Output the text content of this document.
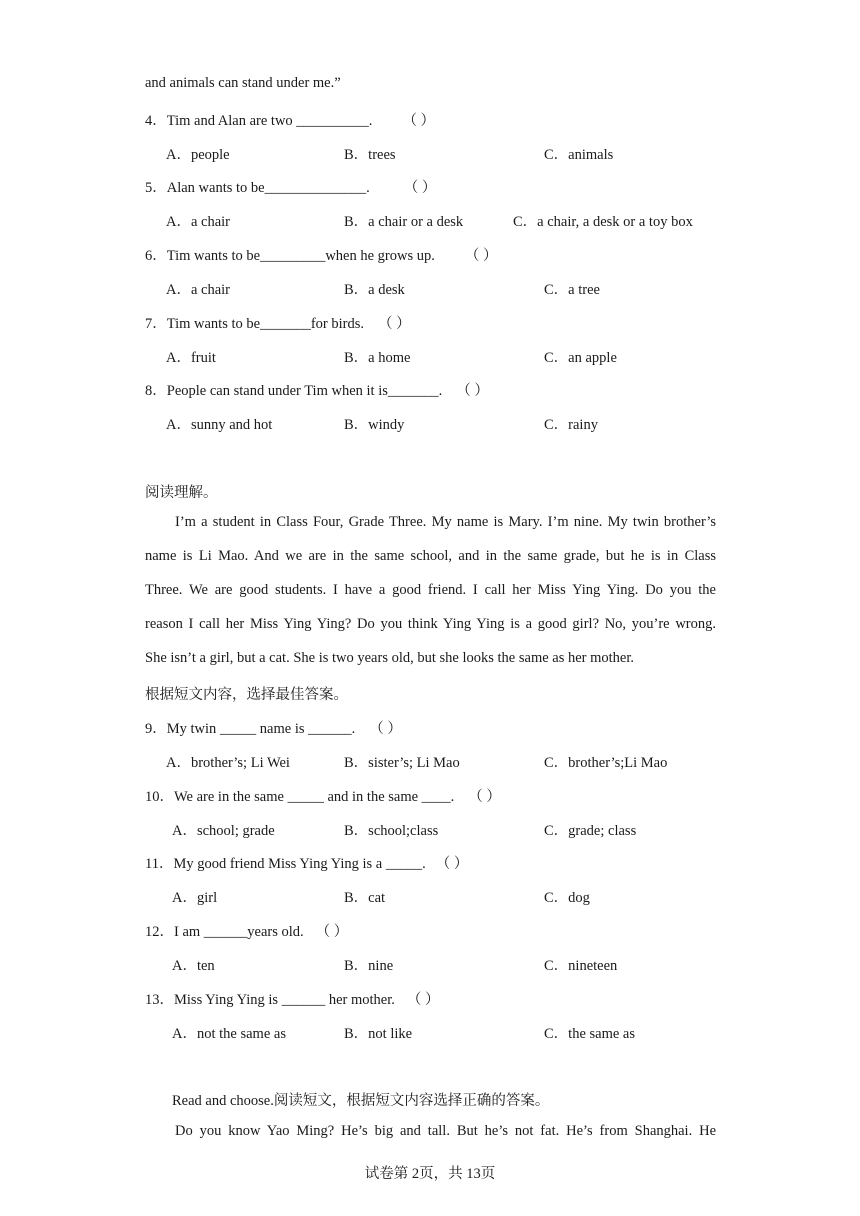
and animals can stand under me.”
4．Tim and Alan are two __________. （ ）
A．people	B．trees	C．animals
5．Alan wants to be______________. （ ）
A．a chair	B．a chair or a desk	C．a chair, a desk or a toy box
6．Tim wants to be_________when he grows up. （ ）
A．a chair	B．a desk	C．a tree
7．Tim wants to be_______for birds. （ ）
A．fruit	B．a home	C．an apple
8．People can stand under Tim when it is_______. （ ）
A．sunny and hot	B．windy	C．rainy
阅读理解。
I’m a student in Class Four, Grade Three. My name is Mary. I’m nine. My twin brother’s
name is Li Mao. And we are in the same school, and in the same grade, but he is in Class
Three. We are good students. I have a good friend. I call her Miss Ying Ying. Do you the
reason I call her Miss Ying Ying? Do you think Ying Ying is a good girl? No, you’re wrong.
She isn’t a girl, but a cat. She is two years old, but she looks the same as her mother.
根据短文内容，选择最佳答案。
9．My twin _____ name is ______. （ ）
A．brother’s; Li Wei	B．sister’s; Li Mao	C．brother’s;Li Mao
10．We are in the same _____ and in the same ____. （ ）
A．school; grade	B．school;class	C．grade; class
11．My good friend Miss Ying Ying is a _____. （ ）
A．girl	B．cat	C．dog
12．I am ______years old. （ ）
A．ten	B．nine	C．nineteen
13．Miss Ying Ying is ______ her mother. （ ）
A．not the same as	B．not like	C．the same as
Read and choose.阅读短文，根据短文内容选择正确的答案。
Do you know Yao Ming? He’s big and tall. But he’s not fat. He’s from Shanghai. He
试卷第 2页，共 13页
